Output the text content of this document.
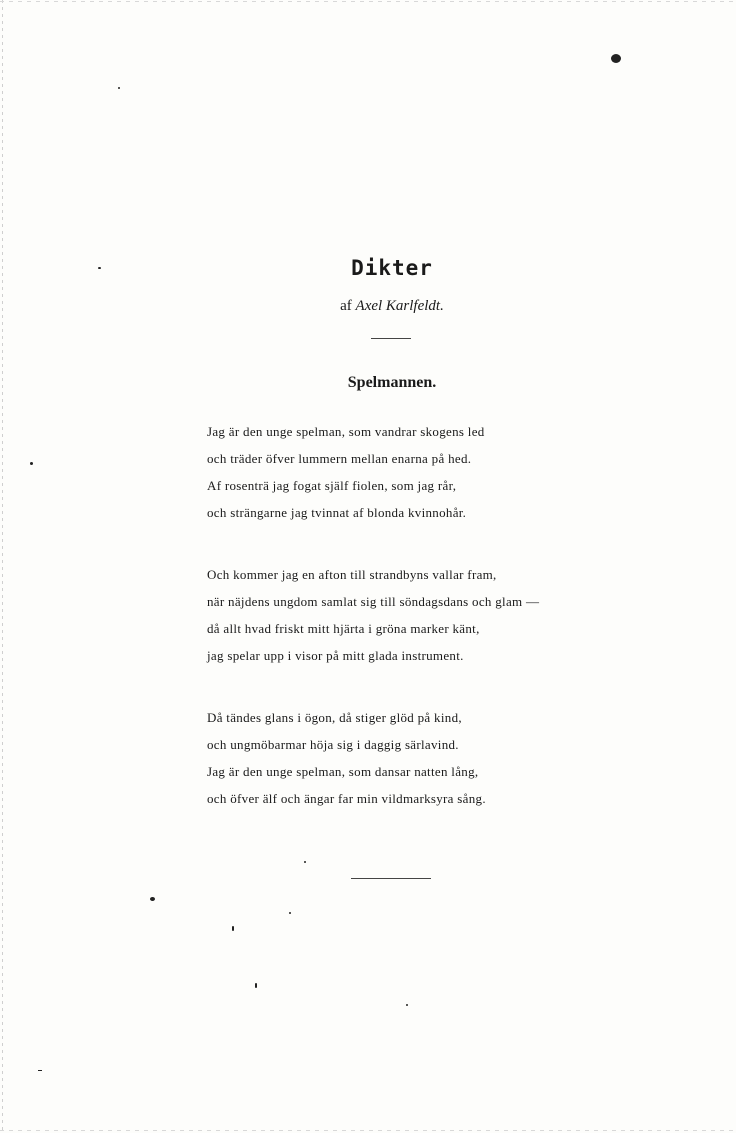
Dikter

af Axel Karlfeldt.

Spelmannen.
Jag är den unge spelman, som vandrar skogens led
och träder öfver lummern mellan enarna på hed.
Af rosenträ jag fogat själf fiolen, som jag rår,
och strängarne jag tvinnat af blonda kvinnohår.
Och kommer jag en afton till strandbyns vallar fram,
när näjdens ungdom samlat sig till söndagsdans och glam —
då allt hvad friskt mitt hjärta i gröna marker känt,
jag spelar upp i visor på mitt glada instrument.
Då tändes glans i ögon, då stiger glöd på kind,
och ungmöbarmar höja sig i daggig särlavind.
Jag är den unge spelman, som dansar natten lång,
och öfver älf och ängar far min vildmarksyra sång.
